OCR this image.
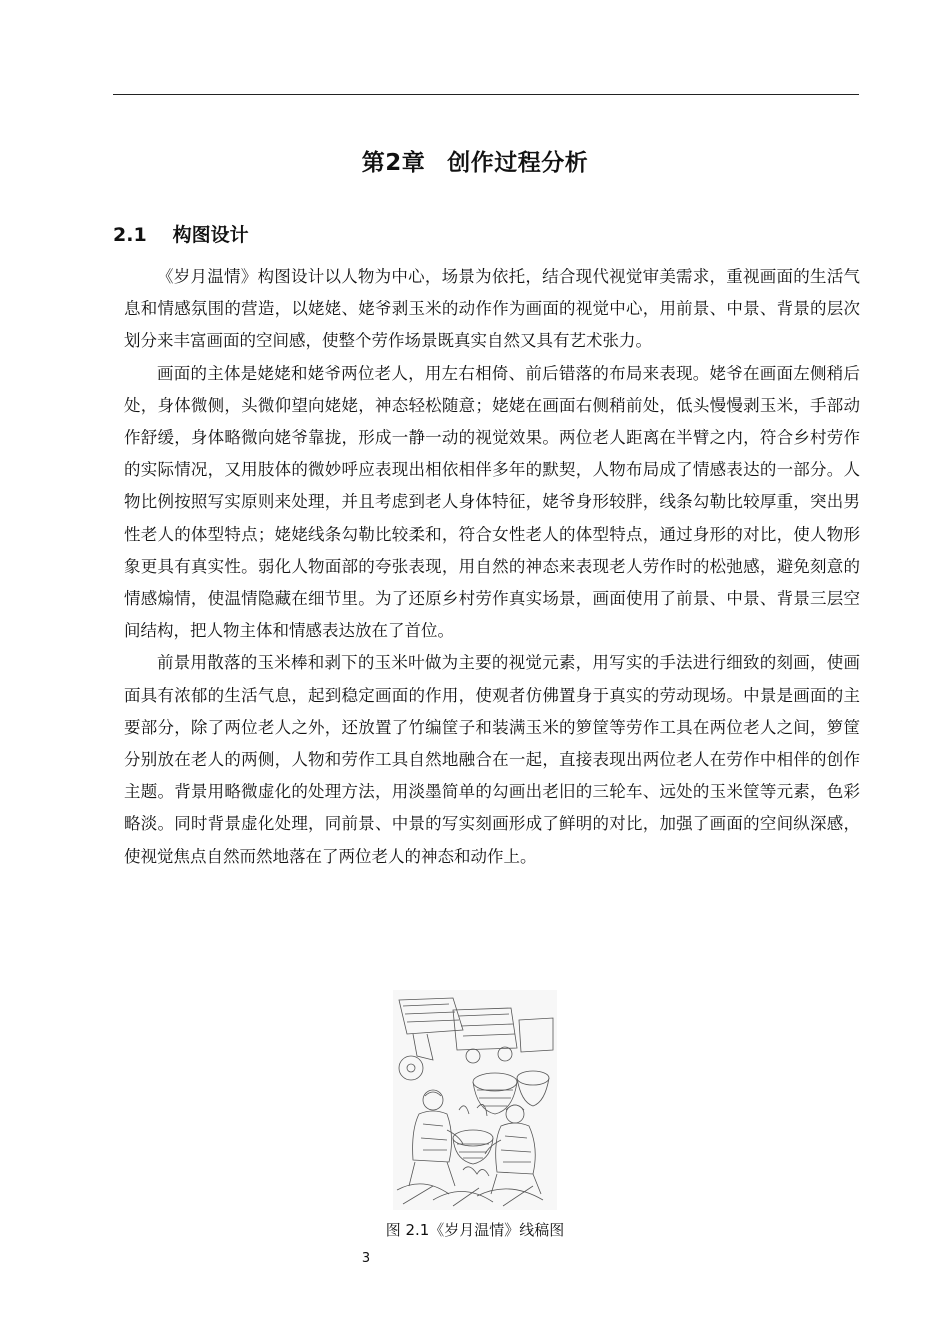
第2章 创作过程分析
2.1 构图设计

《岁月温情》构图设计以人物为中心，场景为依托，结合现代视觉审美需求，重视画面的生活气息和情感氛围的营造，以姥姥、姥爷剥玉米的动作作为画面的视觉中心，用前景、中景、背景的层次划分来丰富画面的空间感，使整个劳作场景既真实自然又具有艺术张力。

画面的主体是姥姥和姥爷两位老人，用左右相倚、前后错落的布局来表现。姥爷在画面左侧稍后处，身体微侧，头微仰望向姥姥，神态轻松随意；姥姥在画面右侧稍前处，低头慢慢剥玉米，手部动作舒缓，身体略微向姥爷靠拢，形成一静一动的视觉效果。两位老人距离在半臂之内，符合乡村劳作的实际情况，又用肢体的微妙呼应表现出相依相伴多年的默契，人物布局成了情感表达的一部分。人物比例按照写实原则来处理，并且考虑到老人身体特征，姥爷身形较胖，线条勾勒比较厚重，突出男性老人的体型特点；姥姥线条勾勒比较柔和，符合女性老人的体型特点，通过身形的对比，使人物形象更具有真实性。弱化人物面部的夸张表现，用自然的神态来表现老人劳作时的松弛感，避免刻意的情感煽情，使温情隐藏在细节里。为了还原乡村劳作真实场景，画面使用了前景、中景、背景三层空间结构，把人物主体和情感表达放在了首位。

前景用散落的玉米棒和剥下的玉米叶做为主要的视觉元素，用写实的手法进行细致的刻画，使画面具有浓郁的生活气息，起到稳定画面的作用，使观者仿佛置身于真实的劳动现场。中景是画面的主要部分，除了两位老人之外，还放置了竹编筐子和装满玉米的箩筐等劳作工具在两位老人之间，箩筐分别放在老人的两侧，人物和劳作工具自然地融合在一起，直接表现出两位老人在劳作中相伴的创作主题。背景用略微虚化的处理方法，用淡墨简单的勾画出老旧的三轮车、远处的玉米筐等元素，色彩略淡。同时背景虚化处理，同前景、中景的写实刻画形成了鲜明的对比，加强了画面的空间纵深感，使视觉焦点自然而然地落在了两位老人的神态和动作上。

图 2.1《岁月温情》线稿图
3
